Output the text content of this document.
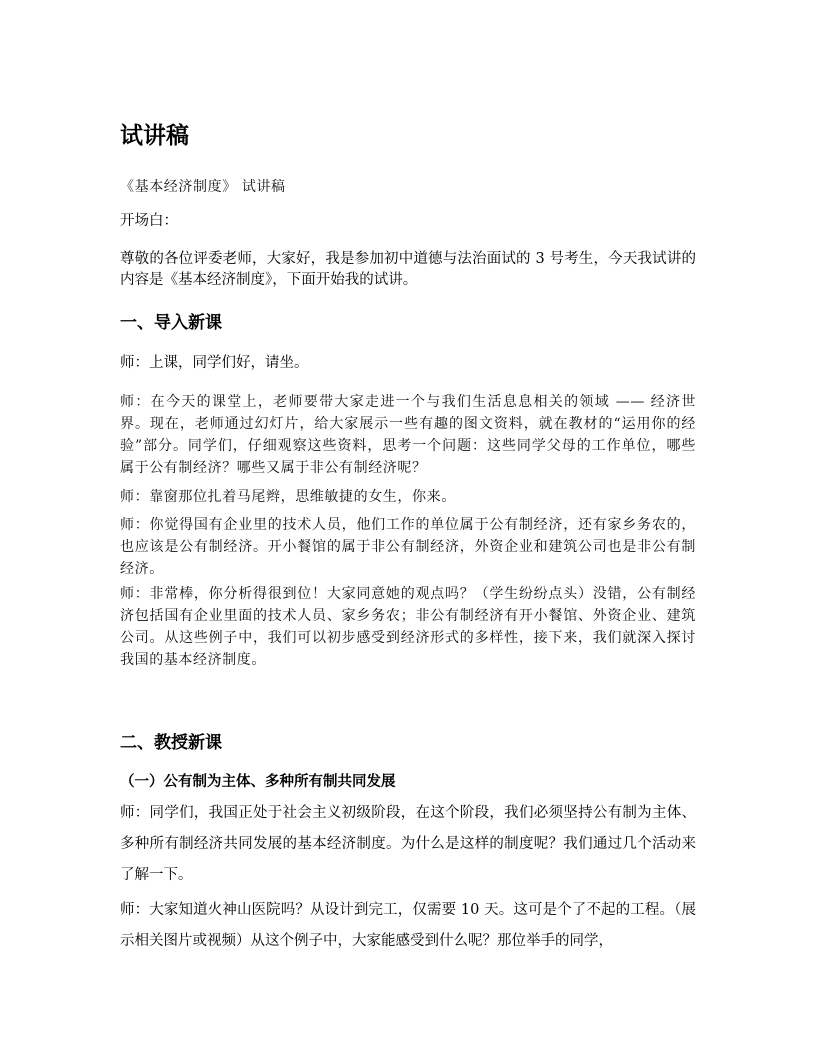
试讲稿
《基本经济制度》 试讲稿
开场白：
尊敬的各位评委老师，大家好，我是参加初中道德与法治面试的 3 号考生，今天我试讲的内容是《基本经济制度》，下面开始我的试讲。
一、导入新课
师：上课，同学们好，请坐。
师：在今天的课堂上，老师要带大家走进一个与我们生活息息相关的领域 —— 经济世界。现在，老师通过幻灯片，给大家展示一些有趣的图文资料，就在教材的“运用你的经验”部分。同学们，仔细观察这些资料，思考一个问题：这些同学父母的工作单位，哪些属于公有制经济？哪些又属于非公有制经济呢？
师：靠窗那位扎着马尾辫，思维敏捷的女生，你来。
师：你觉得国有企业里的技术人员，他们工作的单位属于公有制经济，还有家乡务农的，也应该是公有制经济。开小餐馆的属于非公有制经济，外资企业和建筑公司也是非公有制经济。
师：非常棒，你分析得很到位！大家同意她的观点吗？（学生纷纷点头）没错，公有制经济包括国有企业里面的技术人员、家乡务农；非公有制经济有开小餐馆、外资企业、建筑公司。从这些例子中，我们可以初步感受到经济形式的多样性，接下来，我们就深入探讨我国的基本经济制度。
二、教授新课
（一）公有制为主体、多种所有制共同发展
师：同学们，我国正处于社会主义初级阶段，在这个阶段，我们必须坚持公有制为主体、多种所有制经济共同发展的基本经济制度。为什么是这样的制度呢？我们通过几个活动来了解一下。
师：大家知道火神山医院吗？从设计到完工，仅需要 10 天。这可是个了不起的工程。（展示相关图片或视频）从这个例子中，大家能感受到什么呢？那位举手的同学，
